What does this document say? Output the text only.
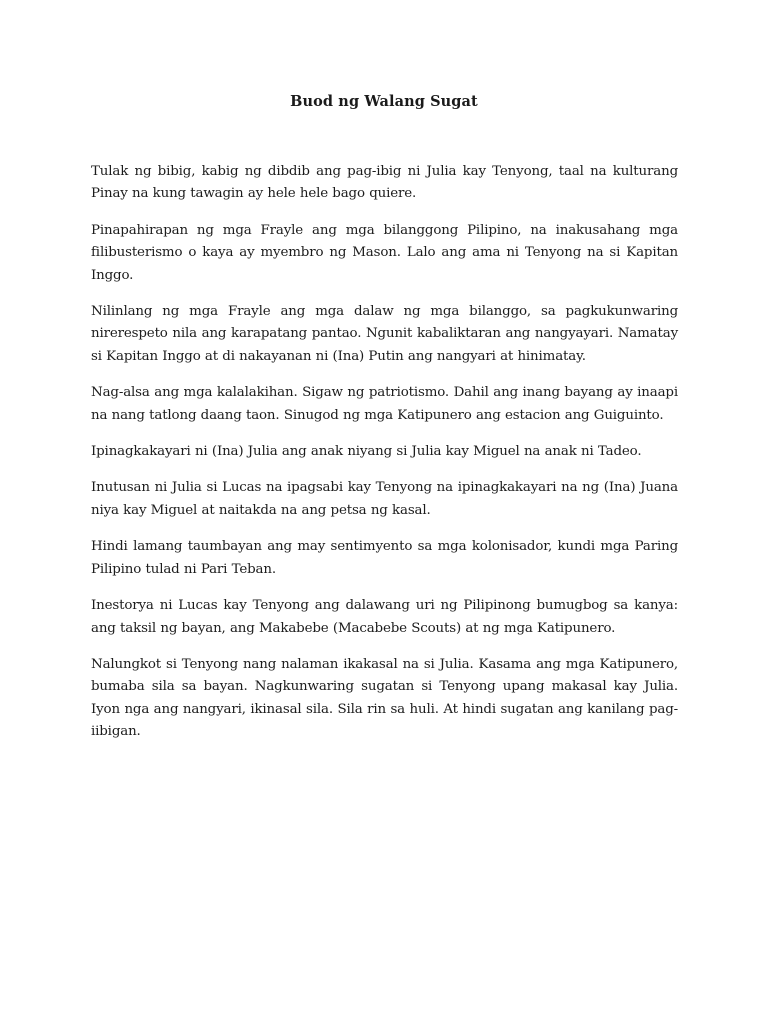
Buod ng Walang Sugat

Tulak ng bibig, kabig ng dibdib ang pag-ibig ni Julia kay Tenyong, taal na kulturang Pinay na kung tawagin ay hele hele bago quiere.

Pinapahirapan ng mga Frayle ang mga bilanggong Pilipino, na inakusahang mga filibusterismo o kaya ay myembro ng Mason. Lalo ang ama ni Tenyong na si Kapitan Inggo.

Nilinlang ng mga Frayle ang mga dalaw ng mga bilanggo, sa pagkukunwaring nirerespeto nila ang karapatang pantao. Ngunit kabaliktaran ang nangyayari. Namatay si Kapitan Inggo at di nakayanan ni (Ina) Putin ang nangyari at hinimatay.

Nag-alsa ang mga kalalakihan. Sigaw ng patriotismo. Dahil ang inang bayang ay inaapi na nang tatlong daang taon. Sinugod ng mga Katipunero ang estacion ang Guiguinto.

Ipinagkakayari ni (Ina) Julia ang anak niyang si Julia kay Miguel na anak ni Tadeo.

Inutusan ni Julia si Lucas na ipagsabi kay Tenyong na ipinagkakayari na ng (Ina) Juana niya kay Miguel at naitakda na ang petsa ng kasal.

Hindi lamang taumbayan ang may sentimyento sa mga kolonisador, kundi mga Paring Pilipino tulad ni Pari Teban.

Inestorya ni Lucas kay Tenyong ang dalawang uri ng Pilipinong bumugbog sa kanya: ang taksil ng bayan, ang Makabebe (Macabebe Scouts) at ng mga Katipunero.

Nalungkot si Tenyong nang nalaman ikakasal na si Julia. Kasama ang mga Katipunero, bumaba sila sa bayan. Nagkunwaring sugatan si Tenyong upang makasal kay Julia. Iyon nga ang nangyari, ikinasal sila. Sila rin sa huli. At hindi sugatan ang kanilang pag-iibigan.
